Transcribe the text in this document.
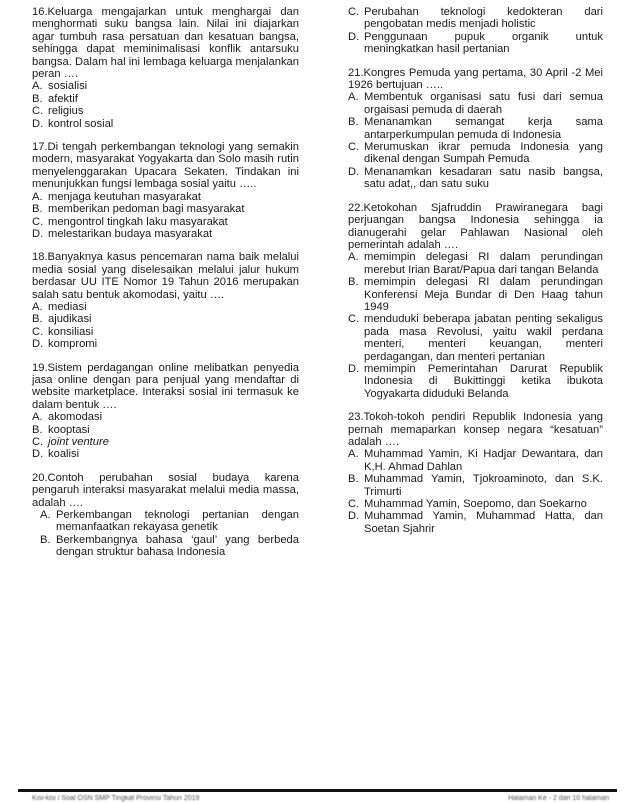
16.Keluarga mengajarkan untuk menghargai dan menghormati suku bangsa lain. Nilai ini diajarkan agar tumbuh rasa persatuan dan kesatuan bangsa, sehingga dapat meminimalisasi konflik antarsuku bangsa. Dalam hal ini lembaga keluarga menjalankan peran ….

A. sosialisi
B. afektif
C. religius
D. kontrol sosial

17.Di tengah perkembangan teknologi yang semakin modern, masyarakat Yogyakarta dan Solo masih rutin menyelenggarakan Upacara Sekaten. Tindakan ini menunjukkan fungsi lembaga sosial yaitu …..

A. menjaga keutuhan masyarakat
B. memberikan pedoman bagi masyarakat
C. mengontrol tingkah laku masyarakat
D. melestarikan budaya masyarakat

18.Banyaknya kasus pencemaran nama baik melalui media sosial yang diselesaikan melalui jalur hukum berdasar UU ITE Nomor 19 Tahun 2016 merupakan salah satu bentuk akomodasi, yaitu ….

A. mediasi
B. ajudikasi
C. konsiliasi
D. kompromi

19.Sistem perdagangan online melibatkan penyedia jasa online dengan para penjual yang mendaftar di website marketplace. Interaksi sosial ini termasuk ke dalam bentuk ….

A. akomodasi
B. kooptasi
C. joint venture
D. koalisi

20.Contoh perubahan sosial budaya karena pengaruh interaksi masyarakat melalui media massa, adalah ….

A. Perkembangan teknologi pertanian dengan memanfaatkan rekayasa genetik
B. Berkembangnya bahasa ‘gaul’ yang berbeda dengan struktur bahasa Indonesia
C. Perubahan teknologi kedokteran dari pengobatan medis menjadi holistic
D. Penggunaan pupuk organik untuk meningkatkan hasil pertanian

21.Kongres Pemuda yang pertama, 30 April -2 Mei 1926 bertujuan …..

A. Membentuk organisasi satu fusi dari semua orgaisasi pemuda di daerah
B. Menanamkan semangat kerja sama antarperkumpulan pemuda di Indonesia
C. Merumuskan ikrar pemuda Indonesia yang dikenal dengan Sumpah Pemuda
D. Menanamkan kesadaran satu nasib bangsa, satu adat,, dan satu suku

22.Ketokohan Sjafruddin Prawiranegara bagi perjuangan bangsa Indonesia sehingga ia dianugerahi gelar Pahlawan Nasional oleh pemerintah adalah ….

A. memimpin delegasi RI dalam perundingan merebut Irian Barat/Papua dari tangan Belanda
B. memimpin delegasi RI dalam perundingan Konferensi Meja Bundar di Den Haag tahun 1949
C. menduduki beberapa jabatan penting sekaligus pada masa Revolusi, yaitu wakil perdana menteri, menteri keuangan, menteri perdagangan, dan menteri pertanian
D. memimpin Pemerintahan Darurat Republik Indonesia di Bukittinggi ketika ibukota Yogyakarta diduduki Belanda

23.Tokoh-tokoh pendiri Republik Indonesia yang pernah memaparkan konsep negara “kesatuan” adalah ….

A. Muhammad Yamin, Ki Hadjar Dewantara, dan K,H. Ahmad Dahlan
B. Muhammad Yamin, Tjokroaminoto, dan S.K. Trimurti
C. Muhammad Yamin, Soepomo, dan Soekarno
D. Muhammad Yamin, Muhammad Hatta, dan Soetan Sjahrir
Kisi-kisi / Soal OSN SMP Tingkat Provinsi Tahun 2019	Halaman Ke - 2 dari 10 halaman
